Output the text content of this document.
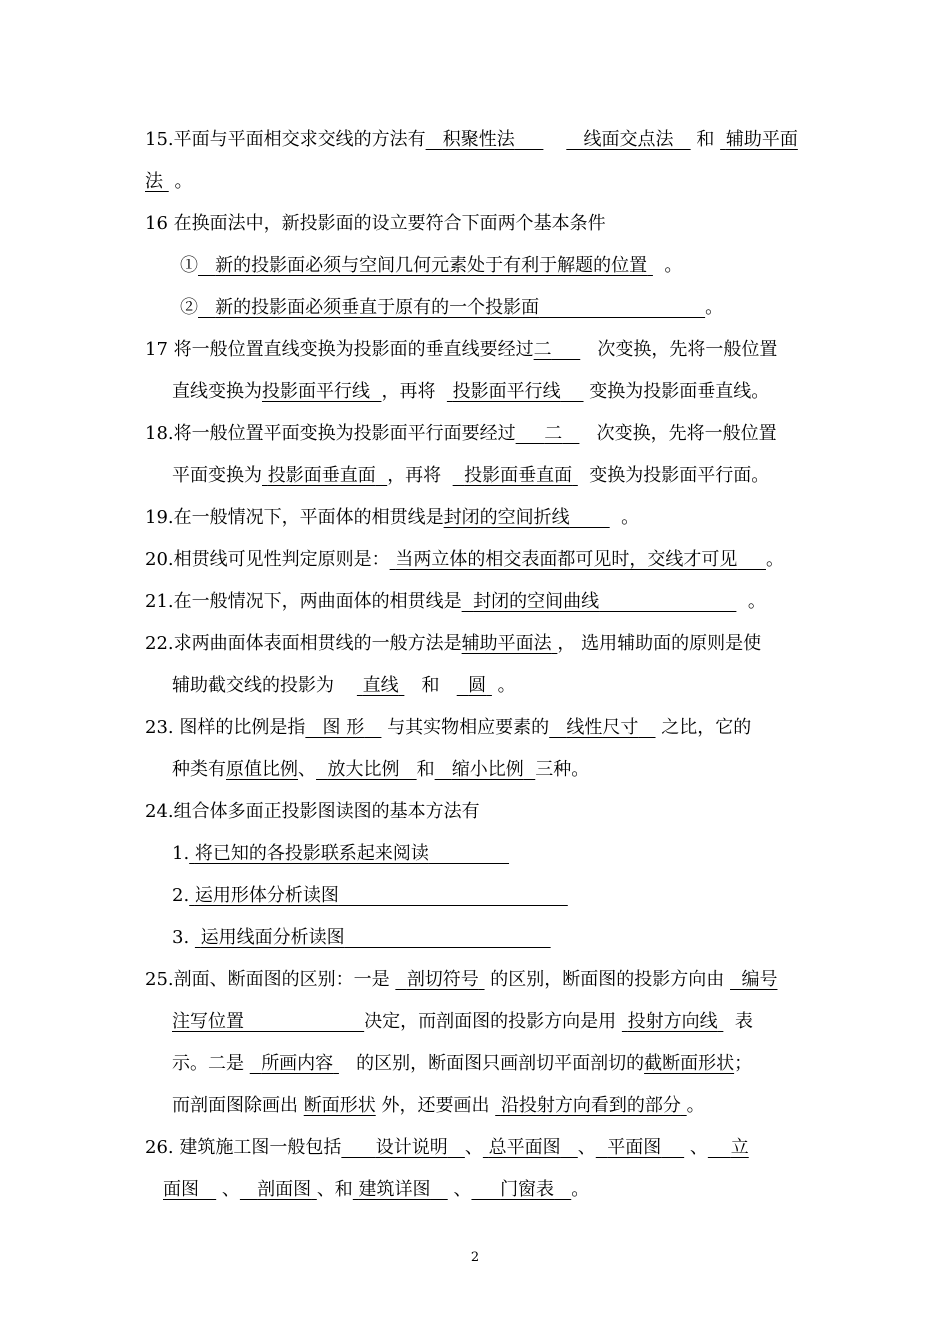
15.平面与平面相交求交线的方法有 积聚性法	线面交点法 和 辅助平面
法 。
16 在换面法中，新投影面的设立要符合下面两个基本条件
① 新的投影面必须与空间几何元素处于有利于解题的位置 。
② 新的投影面必须垂直于原有的一个投影面	。
17 将一般位置直线变换为投影面的垂直线要经过二	次变换，先将一般位置
直线变换为投影面平行线 ，再将 投影面平行线 变换为投影面垂直线。
18.将一般位置平面变换为投影面平行面要经过 二 次变换，先将一般位置
平面变换为 投影面垂直面 ，再将 投影面垂直面 变换为投影面平行面。
19.在一般情况下，平面体的相贯线是封闭的空间折线	。
20.相贯线可见性判定原则是： 当两立体的相交表面都可见时，交线才可见 。
21.在一般情况下，两曲面体的相贯线是 封闭的空间曲线	。
22.求两曲面体表面相贯线的一般方法是辅助平面法 ， 选用辅助面的原则是使
辅助截交线的投影为 直线 和 圆 。
23. 图样的比例是指 图 形 与其实物相应要素的 线性尺寸 之比，它的
种类有原值比例、 放大比例 和 缩小比例 三种。
24.组合体多面正投影图读图的基本方法有
1. 将已知的各投影联系起来阅读
2. 运用形体分析读图
3. 运用线面分析读图
25.剖面、断面图的区别：一是 剖切符号 的区别，断面图的投影方向由 编号
注写位置	决定，而剖面图的投影方向是用 投射方向线 表
示。二是 所画内容 的区别，断面图只画剖切平面剖切的截断面形状；
而剖面图除画出 断面形状 外，还要画出 沿投射方向看到的部分 。
26. 建筑施工图一般包括 设计说明 、 总平面图 、 平面图 、 立
面图 、 剖面图 、和 建筑详图 、 门窗表 。
2
